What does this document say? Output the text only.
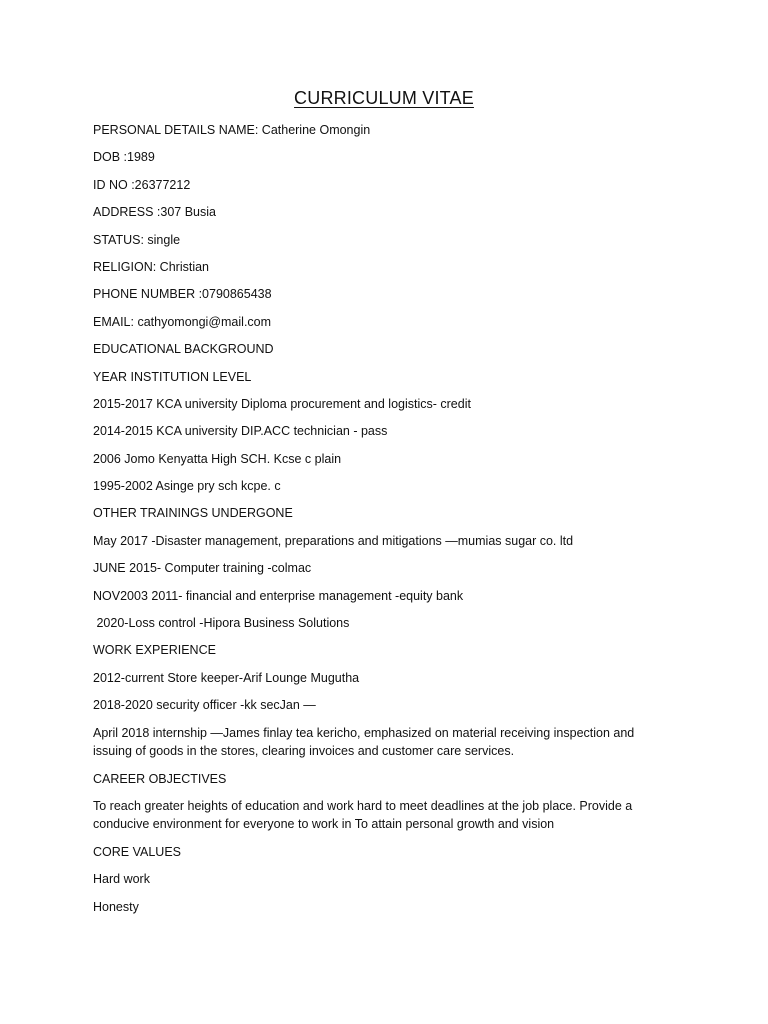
CURRICULUM VITAE
PERSONAL DETAILS NAME: Catherine Omongin
DOB :1989
ID NO :26377212
ADDRESS :307 Busia
STATUS: single
RELIGION: Christian
PHONE NUMBER :0790865438
EMAIL: cathyomongi@mail.com
EDUCATIONAL BACKGROUND
YEAR INSTITUTION LEVEL
2015-2017 KCA university Diploma procurement and logistics- credit
2014-2015 KCA university DIP.ACC technician - pass
2006 Jomo Kenyatta High SCH. Kcse c plain
1995-2002 Asinge pry sch kcpe. c
OTHER TRAININGS UNDERGONE
May 2017 -Disaster management, preparations and mitigations —mumias sugar co. ltd
JUNE 2015- Computer training -colmac
NOV2003 2011- financial and enterprise management -equity bank
2020-Loss control -Hipora Business Solutions
WORK EXPERIENCE
2012-current Store keeper-Arif Lounge Mugutha
2018-2020 security officer -kk secJan —

April 2018 internship —James finlay tea kericho, emphasized on material receiving inspection and issuing of goods in the stores, clearing invoices and customer care services.

CAREER OBJECTIVES

To reach greater heights of education and work hard to meet deadlines at the job place. Provide a conducive environment for everyone to work in To attain personal growth and vision

CORE VALUES
Hard work
Honesty
